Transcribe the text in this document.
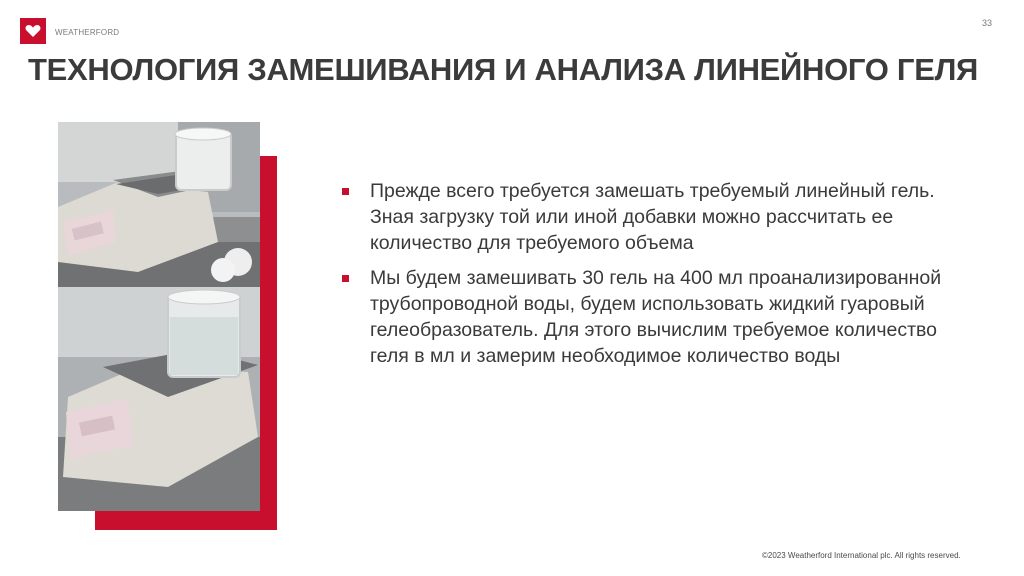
WEATHERFORD
33
ТЕХНОЛОГИЯ ЗАМЕШИВАНИЯ И АНАЛИЗА ЛИНЕЙНОГО ГЕЛЯ

Прежде всего требуется замешать требуемый линейный гель. Зная загрузку той или иной добавки можно рассчитать ее количество для требуемого объема

Мы будем замешивать 30 гель на 400 мл проанализированной трубопроводной воды, будем использовать жидкий гуаровый гелеобразователь. Для этого вычислим требуемое количество геля в мл и замерим необходимое количество воды

©2023 Weatherford International plc. All rights reserved.
